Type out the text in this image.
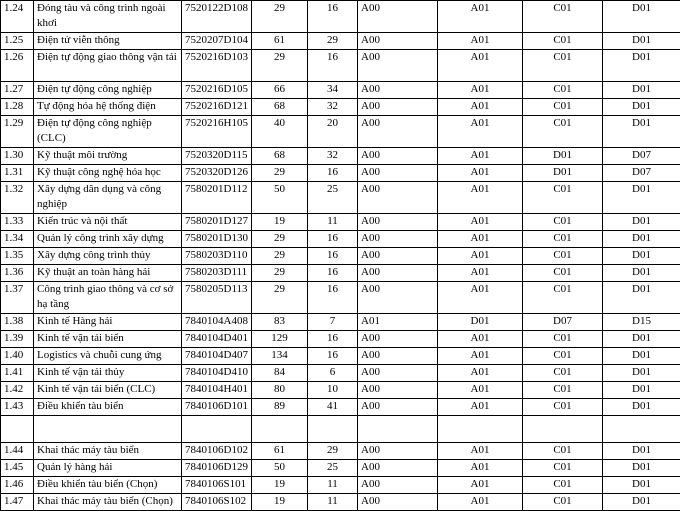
1.24	Đóng tàu và công trình ngoài khơi	7520122D108	29	16	A00	A01	C01	D01
1.25	Điện tử viễn thông	7520207D104	61	29	A00	A01	C01	D01
1.26	Điện tự động giao thông vận tải	7520216D103	29	16	A00	A01	C01	D01
1.27	Điện tự động công nghiệp	7520216D105	66	34	A00	A01	C01	D01
1.28	Tự động hóa hệ thống điện	7520216D121	68	32	A00	A01	C01	D01
1.29	Điện tự động công nghiệp (CLC)	7520216H105	40	20	A00	A01	C01	D01
1.30	Kỹ thuật môi trường	7520320D115	68	32	A00	A01	D01	D07
1.31	Kỹ thuật công nghệ hóa học	7520320D126	29	16	A00	A01	D01	D07
1.32	Xây dựng dân dụng và công nghiệp	7580201D112	50	25	A00	A01	C01	D01
1.33	Kiến trúc và nội thất	7580201D127	19	11	A00	A01	C01	D01
1.34	Quản lý công trình xây dựng	7580201D130	29	16	A00	A01	C01	D01
1.35	Xây dựng công trình thủy	7580203D110	29	16	A00	A01	C01	D01
1.36	Kỹ thuật an toàn hàng hải	7580203D111	29	16	A00	A01	C01	D01
1.37	Công trình giao thông và cơ sở hạ tầng	7580205D113	29	16	A00	A01	C01	D01
1.38	Kinh tế Hàng hải	7840104A408	83	7	A01	D01	D07	D15
1.39	Kinh tế vận tải biển	7840104D401	129	16	A00	A01	C01	D01
1.40	Logistics và chuỗi cung ứng	7840104D407	134	16	A00	A01	C01	D01
1.41	Kinh tế vận tải thủy	7840104D410	84	6	A00	A01	C01	D01
1.42	Kinh tế vận tải biển (CLC)	7840104H401	80	10	A00	A01	C01	D01
1.43	Điều khiển tàu biển	7840106D101	89	41	A00	A01	C01	D01

1.44	Khai thác máy tàu biển	7840106D102	61	29	A00	A01	C01	D01
1.45	Quản lý hàng hải	7840106D129	50	25	A00	A01	C01	D01
1.46	Điều khiển tàu biển (Chọn)	7840106S101	19	11	A00	A01	C01	D01
1.47	Khai thác máy tàu biển (Chọn)	7840106S102	19	11	A00	A01	C01	D01
